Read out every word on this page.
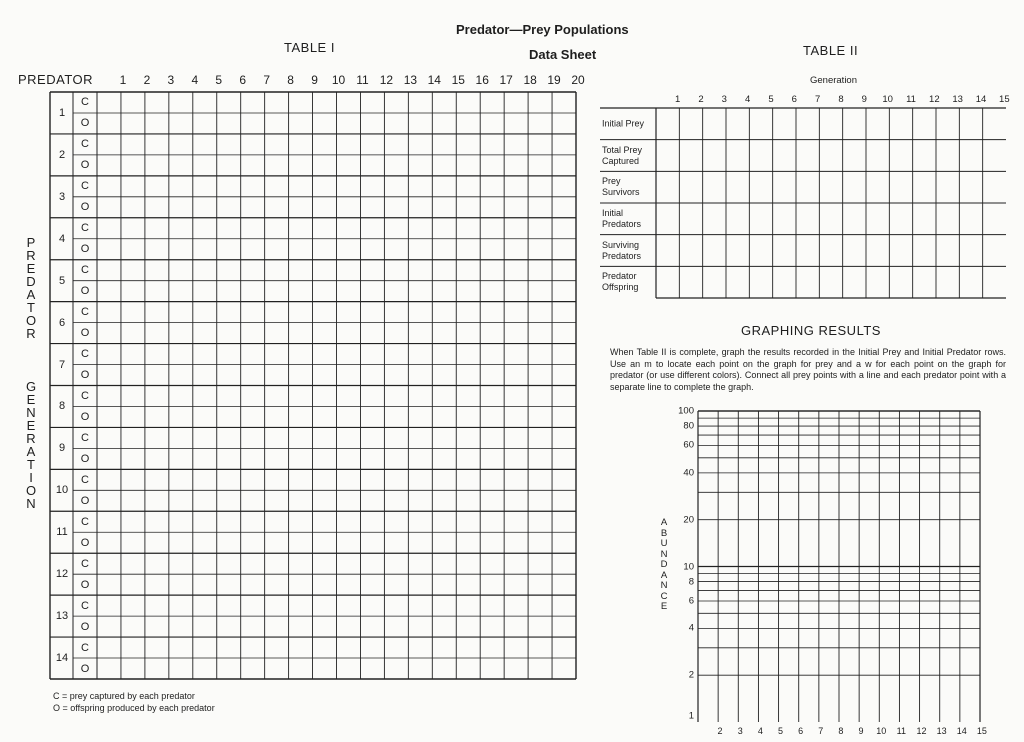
Predator—Prey Populations
Data Sheet
TABLE I
PREDATOR 1 2 3 4 5 6 7 8 9 10 11 12 13 14 15 16 17 18 19 20
P
R
E
D
A
T
O
R
G
E
N
E
R
A
T
I
O
N
1
C
O
2
C
O
3
C
O
4
C
O
5
C
O
6
C
O
7
C
O
8
C
O
9
C
O
10
C
O
11
C
O
12
C
O
13
C
O
14
C
O
C = prey captured by each predator
O = offspring produced by each predator
TABLE II
Generation
1 2 3 4 5 6 7 8 9 10 11 12 13 14 15
Initial Prey
Total Prey
Captured
Prey
Survivors
Initial
Predators
Surviving
Predators
Predator
Offspring
GRAPHING RESULTS
When Table II is complete, graph the results recorded in the Initial Prey and Initial Predator rows. Use an m to locate each point on the graph for prey and a w for each point on the graph for predator (or use different colors). Connect all prey points with a line and each predator point with a separate line to complete the graph.
A
B
U
N
D
A
N
C
E
100
80
60
40
20
10
8
6
4
2
1
2 3 4 5 6 7 8 9 10 11 12 13 14 15
